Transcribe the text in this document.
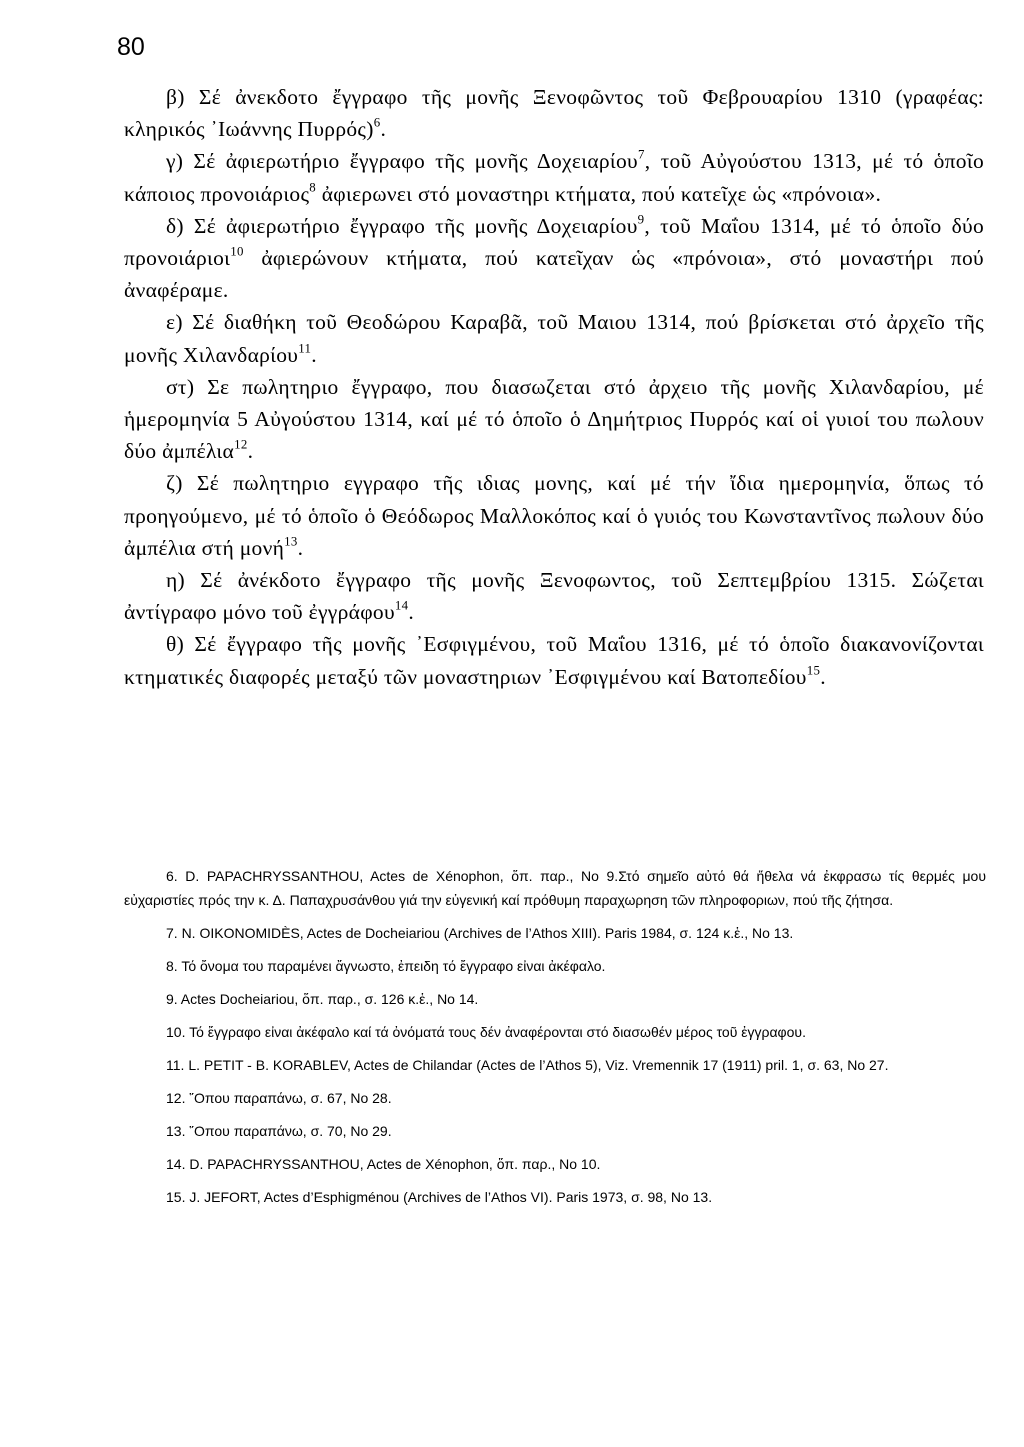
80

β) Σέ ἀνεκδοτο ἔγγραφο τῆς μονῆς Ξενοφῶντος τοῦ Φεβρουαρίου 1310 (γραφέας: κληρικός ᾽Ιωάννης Πυρρός)$^6$.

γ) Σέ ἀφιερωτήριο ἔγγραφο τῆς μονῆς Δοχειαρίου$^7$, τοῦ Αὐγούστου 1313, μέ τό ὁποῖο κάποιος προνοιάριος$^8$ ἀφιερωνει στό μοναστηρι κτήματα, πού κατεῖχε ὡς «πρόνοια».

δ) Σέ ἀφιερωτήριο ἔγγραφο τῆς μονῆς Δοχειαρίου$^9$, τοῦ Μαΐου 1314, μέ τό ὁποῖο δύο προνοιάριοι$^{10}$ ἀφιερώνουν κτήματα, πού κατεῖχαν ὡς «πρόνοια», στό μοναστήρι πού ἀναφέραμε.

ε) Σέ διαθήκη τοῦ Θεοδώρου Καραβᾶ, τοῦ Μαιου 1314, πού βρίσκεται στό ἀρχεῖο τῆς μονῆς Χιλανδαρίου$^{11}$.

στ) Σε πωλητηριο ἔγγραφο, που διασωζεται στό ἀρχειο τῆς μονῆς Χιλανδαρίου, μέ ἡμερομηνία 5 Αὐγούστου 1314, καί μέ τό ὁποῖο ὁ Δημήτριος Πυρρός καί οἱ γυιοί του πωλουν δύο ἀμπέλια$^{12}$.

ζ) Σέ πωλητηριο εγγραφο τῆς ιδιας μονης, καί μέ τήν ἴδια ημερομηνία, ὅπως τό προηγούμενο, μέ τό ὁποῖο ὁ Θεόδωρος Μαλλοκόπος καί ὁ γυιός του Κωνσταντῖνος πωλουν δύο ἀμπέλια στή μονή$^{13}$.

η) Σέ ἀνέκδοτο ἔγγραφο τῆς μονῆς Ξενοφωντος, τοῦ Σεπτεμβρίου 1315. Σώζεται ἀντίγραφο μόνο τοῦ ἐγγράφου$^{14}$.

θ) Σέ ἔγγραφο τῆς μονῆς ᾽Εσφιγμένου, τοῦ Μαΐου 1316, μέ τό ὁποῖο διακανονίζονται κτηματικές διαφορές μεταξύ τῶν μοναστηριων ᾽Εσφιγμένου καί Βατοπεδίου$^{15}$.

6. D. PAPACHRYSSANTHOU, Actes de Xénophon, ὅπ. παρ., No 9.Στό σημεῖο αὐτό θά ἤθελα νά ἐκφρασω τίς θερμές μου εὐχαριστίες πρός την κ. Δ. Παπαχρυσάνθου γιά την εὐγενική καί πρόθυμη παραχωρηση τῶν πληροφοριων, πού τῆς ζήτησα.

7. N. OIKONOMIDÈS, Actes de Docheiariou (Archives de l’Athos XIII). Paris 1984, σ. 124 κ.ἑ., No 13.

8. Τό ὄνομα του παραμένει ἄγνωστο, ἐπειδη τό ἔγγραφο εἰναι ἀκέφαλο.

9. Actes Docheiariou, ὅπ. παρ., σ. 126 κ.ἑ., No 14.

10. Τό ἔγγραφο εἰναι ἀκέφαλο καί τά ὀνόματά τους δέν ἀναφέρονται στό διασωθέν μέρος τοῦ ἐγγραφου.

11. L. PETIT - B. KORABLEV, Actes de Chilandar (Actes de l’Athos 5), Viz. Vremennik 17 (1911) pril. 1, σ. 63, No 27.

12. ῞Οπου παραπάνω, σ. 67, No 28.

13. ῞Οπου παραπάνω, σ. 70, No 29.

14. D. PAPACHRYSSANTHOU, Actes de Xénophon, ὅπ. παρ., No 10.

15. J. JEFORT, Actes d’Esphigménou (Archives de l’Athos VI). Paris 1973, σ. 98, No 13.
